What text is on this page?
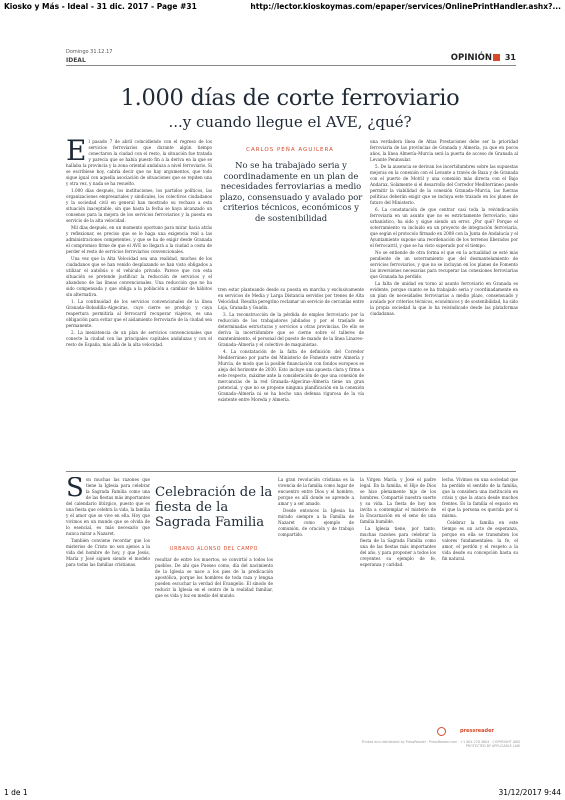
Kiosko y Más - Ideal - 31 dic. 2017 - Page #31	http://lector.kioskoymas.com/epaper/services/OnlinePrintHandler.ashx?...
Domingo 31.12.17
IDEAL	OPINIÓN 31
1.000 días de corte ferroviario
...y cuando llegue el AVE, ¿qué?
E l pasado 7 de abril coincidiendo con el regreso de los servicios ferroviarios que durante algún tiempo conectaron la ciudad con el resto, la situación fue tratada y parecía que se había puesto fin a la deriva en la que se hallaba la provincia y la zona oriental andaluza a nivel ferroviario. Si se escribiese hoy, cabría decir que no hay argumentos, que todo sigue igual con aquella asociación de situaciones que se repiten una y otra vez, y nada se ha resuelto.

1.000 días después, los instituciones, los partidos políticos, las organizaciones empresariales y sindicales, los colectivos ciudadanos y la sociedad civil en general han mostrado su rechazo a esta situación inaceptable, sin que hasta la fecha se haya alcanzado un consenso para la mejora de los servicios ferroviarios y la puesta en servicio de la alta velocidad.

Mil días después, en un momento oportuno para mirar hacia atrás y reflexionar, es preciso que se le haga una exigencia real a las administraciones competentes, y que se ha de exigir desde Granada el compromiso firme de que el AVE no llegará a la ciudad a costa de perder el resto de servicios ferroviarios convencionales.

Una vez que la Alta Velocidad sea una realidad, muchos de los ciudadanos que se han venido desplazando se han visto obligados a utilizar el autobús o el vehículo privado. Parece que con esta situación se pretende justificar la reducción de servicios y el abandono de las líneas convencionales. Una reducción que no ha sido compensada y que obliga a la población a cambiar de hábitos sin alternativa.

1. La continuidad de los servicios convencionales de la línea Granada–Bobadilla–Algeciras, cuyo cierre se produjo y cuya reapertura permitiría al ferrocarril recuperar viajeros, es una obligación para evitar que el aislamiento ferroviario de la ciudad sea permanente.

2. La inexistencia de un plan de servicios convencionales que conecte la ciudad con las principales capitales andaluzas y con el resto de España, más allá de la alta velocidad.

CARLOS PEÑA AGUILERA
No se ha trabajado seria y coordinadamente en un plan de necesidades ferroviarias a medio plazo, consensuado y avalado por criterios técnicos, económicos y de sostenibilidad

tren estar planteando desde su puesta en marcha y exclusivamente en servicios de Media y Larga Distancia servidos por trenes de Alta Velocidad. Resulta peregrino reclamar un servicio de cercanías entre Loja, Granada y Guadix.

3. La reconstrucción de la pérdida de empleo ferroviario por la reducción de los trabajadores jubilados y por el traslado de determinadas estructuras y servicios a otras provincias. De ello se deriva la incertidumbre que se cierne sobre el talleres de mantenimiento, el personal del puesto de mando de la línea Linares–Granada–Almería y el colectivo de maquinistas.

4. La constatación de la falta de definición del Corredor Mediterráneo por parte del Ministerio de Fomento entre Almería y Murcia, de modo que la posible financiación con fondos europeos se aleja del horizonte de 2030. Esto incluye una apuesta clara y firme a este respecto, máxime ante la consideración de que una conexión de mercancías de la red Granada–Algeciras–Almería tiene un gran potencial, y que no se propone ninguna planificación en la conexión Granada–Almería ni se ha hecho una defensa rigurosa de la vía existente entre Moreda y Almería.

una verdadera línea de Altas Prestaciones debe ser la prioridad ferroviaria de las provincias de Granada y Almería, ya que en pocos años, la línea Almería–Murcia será la puerta de acceso de Granada al Levante Peninsular.

5. De la ausencia se derivan los incertidumbres sobre las supuestas mejoras en la conexión con el Levante a través de Baza y de Granada con el puerto de Motril y una conexión más directa con el Bajo Andarax. Solamente si el desarrollo del Corredor Mediterráneo puede permitir la viabilidad de la conexión Granada–Murcia, las fuerzas políticas deberán exigir que se incluya este trazado en los planes de futuro del Ministerio.

6. La constatación de que centrar casi toda la reivindicación ferroviaria en un asunto que no es estrictamente ferroviario, sino urbanístico, ha sido y sigue siendo un error. ¿Por qué? Porque el soterramiento va incluido en un proyecto de integración ferroviaria, que según el protocolo firmado en 2008 con la Junta de Andalucía y el Ayuntamiento supone una reordenación de los terrenos liberados por el ferrocarril, y que se ha visto superado por el tiempo.

No se entiende de otra forma el que en la actualidad se esté más pendiente de un soterramiento que del desmantelamiento de servicios ferroviarios, y que no se incluyan en los planes de Fomento las inversiones necesarias para recuperar las conexiones ferroviarias que Granada ha perdido.

La falta de unidad en torno al asunto ferroviario en Granada es evidente, porque cuanto se ha trabajado seria y coordinadamente en un plan de necesidades ferroviarias a medio plazo, consensuado y avalado por criterios técnicos, económicos y de sostenibilidad, ha sido la propia sociedad la que lo ha reivindicado desde las plataformas ciudadanas.

S on muchas las razones que tiene la Iglesia para celebrar la Sagrada Familia como una de las fiestas más importantes del calendario litúrgico, puesto que es una fiesta que celebra la vida, la familia y el amor que se vive en ella. Hoy que vivimos en un mundo que se olvida de lo esencial, es más necesario que nunca mirar a Nazaret.

También conviene recordar que los misterios de Cristo no son ajenos a la vida del hombre de hoy, y que Jesús, María y José siguen siendo el modelo para todas las familias cristianas.

Celebración de la fiesta de la Sagrada Familia
URBANO ALONSO DEL CAMPO

resultar de entre los muertos, se convirtió a todos los pueblos. De ahí que Pueseo como, día del nacimiento de la Iglesia se nace a los pies de la predicación apostólica, porque los hombres de toda raza y lengua pueden escuchar la verdad del Evangelio. El sínodo de reducir la Iglesia en el centro de la realidad familiar, que es vida y luz en medio del mundo.

La gran revolución cristiana es la vivencia de la familia como lugar de encuentro entre Dios y el hombre, porque es allí donde se aprende a amar y a ser amado.

Desde entonces la Iglesia ha mirado siempre a la Familia de Nazaret como ejemplo de comunión, de oración y de trabajo compartido.

la Virgen María, y José el padre legal. En la familia, el Hijo de Dios se hizo plenamente hijo de los hombres. Compartió nuestra suerte y su vida. La fiesta de hoy nos invita a contemplar el misterio de la Encarnación en el seno de una familia humilde.

La Iglesia tiene, por tanto, muchas razones para celebrar la fiesta de la Sagrada Familia como una de las fiestas más importantes del año, y para proponer a todos los creyentes su ejemplo de fe, esperanza y caridad.

lecho. Vivimos en una sociedad que ha perdido el sentido de la familia, que la considera una institución en crisis y que la ataca desde muchos frentes. Es la familia el espacio en el que la persona es querida por sí misma.

Celebrar la familia en este tiempo es un acto de esperanza, porque en ella se transmiten los valores fundamentales: la fe, el amor, el perdón y el respeto a la vida desde su concepción hasta su fin natural.

pressreader
Printed and distributed by PressReader · PressReader.com · +1 604 278 4604 · COPYRIGHT AND PROTECTED BY APPLICABLE LAW
1 de 1	31/12/2017 9:44
